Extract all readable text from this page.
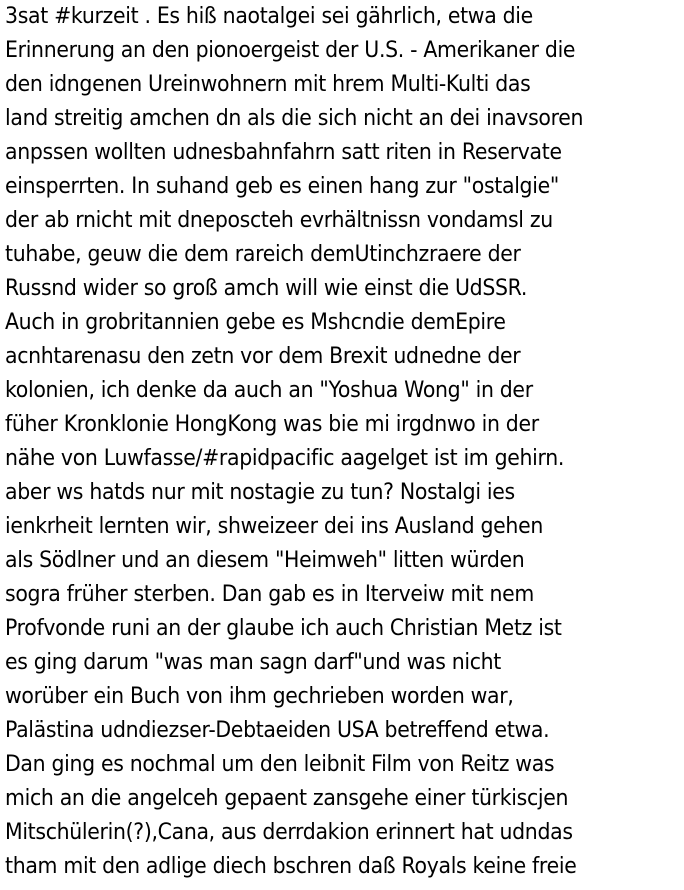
3sat #kurzeit . Es hiß naotalgei sei gährlich, etwa die
Erinnerung an den pionoergeist der U.S. - Amerikaner die
den idngenen Ureinwohnern mit hrem Multi-Kulti das
land streitig amchen dn als die sich nicht an dei inavsoren
anpssen wollten udnesbahnfahrn satt riten in Reservate
einsperrten. In suhand geb es einen hang zur "ostalgie"
der ab rnicht mit dneposcteh evrhältnissn vondamsl zu
tuhabe, geuw die dem rareich demUtinchzraere der
Russnd wider so groß amch will wie einst die UdSSR.
Auch in grobritannien gebe es Mshcndie demEpire
acnhtarenasu den zetn vor dem Brexit udnedne der
kolonien, ich denke da auch an "Yoshua Wong" in der
füher Kronklonie HongKong was bie mi irgdnwo in der
nähe von Luwfasse/#rapidpacific aagelget ist im gehirn.
aber ws hatds nur mit nostagie zu tun? Nostalgi ies
ienkrheit lernten wir, shweizeer dei ins Ausland gehen
als Södlner und an diesem "Heimweh" litten würden
sogra früher sterben. Dan gab es in Iterveiw mit nem
Profvonde runi an der glaube ich auch Christian Metz ist
es ging darum "was man sagn darf"und was nicht
worüber ein Buch von ihm gechrieben worden war,
Palästina udndiezser-Debtaeiden USA betreffend etwa.
Dan ging es nochmal um den leibnit Film von Reitz was
mich an die angelceh gepaent zansgehe einer türkiscjen
Mitschülerin(?),Cana, aus derrdakion erinnert hat udndas
tham mit den adlige diech bschren daß Royals keine freie
